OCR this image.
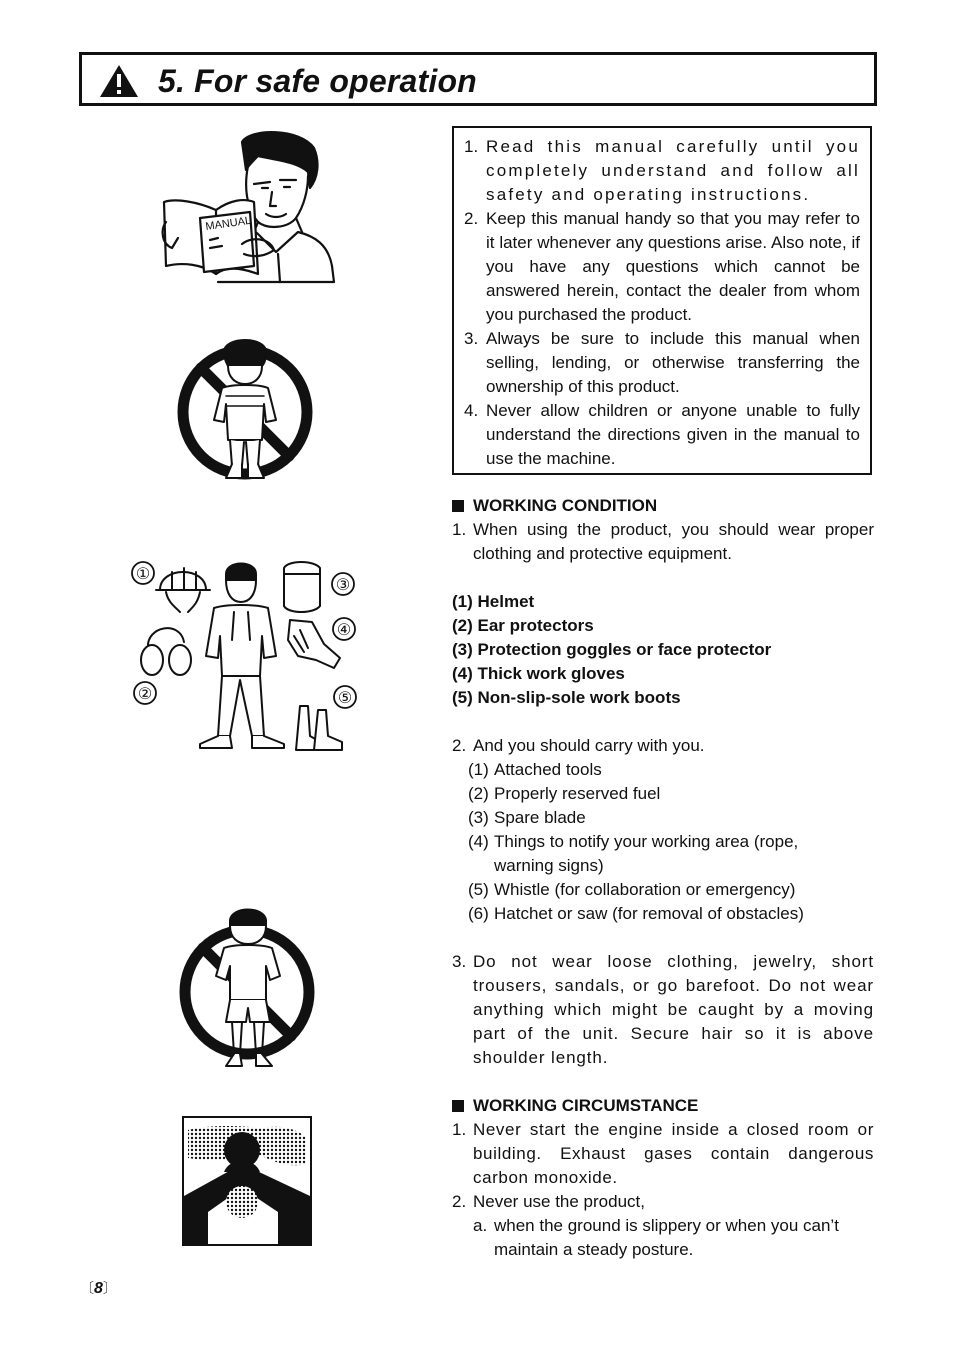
5. For safe operation
MANUAL
①
②
③
④
⑤
1. Read this manual carefully until you completely understand and follow all safety and operating instructions.
2. Keep this manual handy so that you may refer to it later whenever any questions arise. Also note, if you have any questions which cannot be answered herein, contact the dealer from whom you purchased the product.
3. Always be sure to include this manual when selling, lending, or otherwise transferring the ownership of this product.
4. Never allow children or anyone unable to fully understand the directions given in the manual to use the machine.
WORKING CONDITION
1. When using the product, you should wear proper clothing and protective equipment.
(1) Helmet
(2) Ear protectors
(3) Protection goggles or face protector
(4) Thick work gloves
(5) Non-slip-sole work boots
2. And you should carry with you.
(1) Attached tools
(2) Properly reserved fuel
(3) Spare blade
(4) Things to notify your working area (rope, warning signs)
(5) Whistle (for collaboration or emergency)
(6) Hatchet or saw (for removal of obstacles)
3. Do not wear loose clothing, jewelry, short trousers, sandals, or go barefoot. Do not wear anything which might be caught by a moving part of the unit. Secure hair so it is above shoulder length.
WORKING CIRCUMSTANCE
1. Never start the engine inside a closed room or building. Exhaust gases contain dangerous carbon monoxide.
2. Never use the product,
a. when the ground is slippery or when you can’t maintain a steady posture.
〔8〕
